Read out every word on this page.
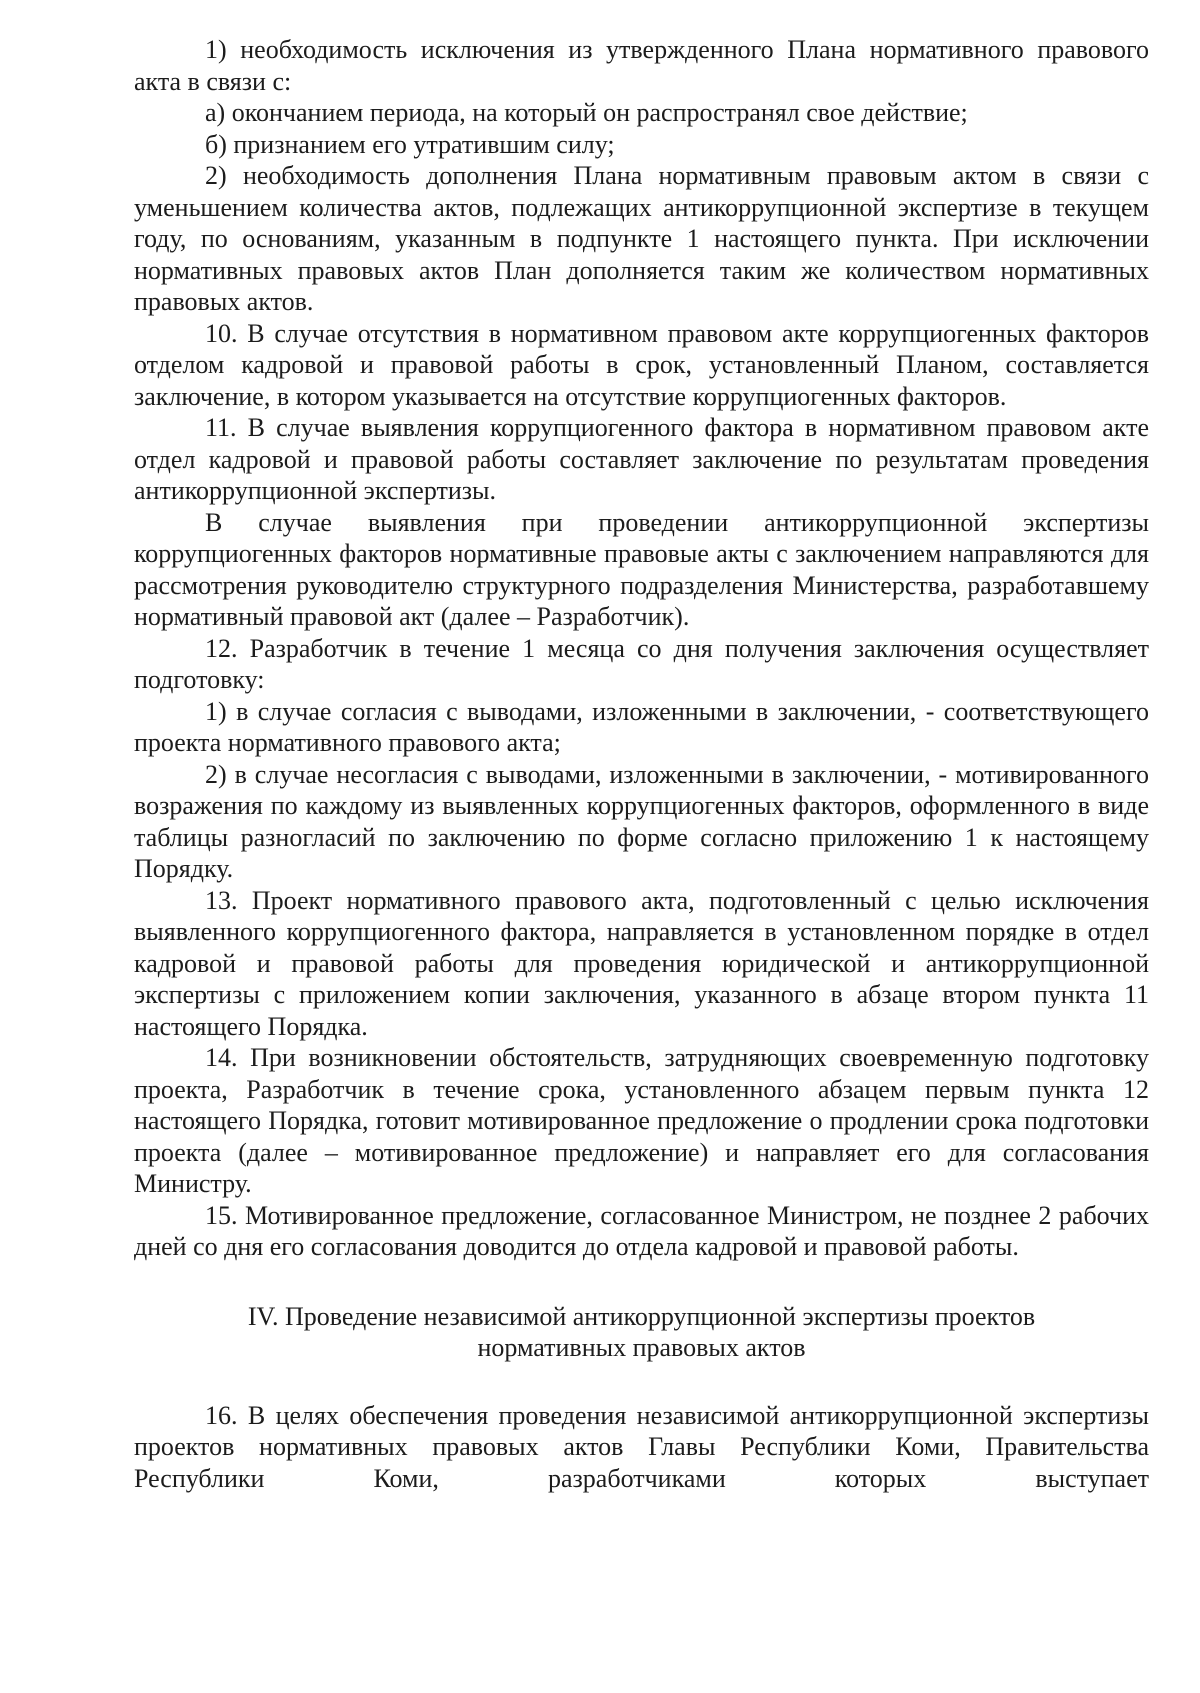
1) необходимость исключения из утвержденного Плана нормативного правового акта в связи с:

а) окончанием периода, на который он распространял свое действие;

б) признанием его утратившим силу;

2) необходимость дополнения Плана нормативным правовым актом в связи с уменьшением количества актов, подлежащих антикоррупционной экспертизе в текущем году, по основаниям, указанным в подпункте 1 настоящего пункта. При исключении нормативных правовых актов План дополняется таким же количеством нормативных правовых актов.

10. В случае отсутствия в нормативном правовом акте коррупциогенных факторов отделом кадровой и правовой работы в срок, установленный Планом, составляется заключение, в котором указывается на отсутствие коррупциогенных факторов.

11. В случае выявления коррупциогенного фактора в нормативном правовом акте отдел кадровой и правовой работы составляет заключение по результатам проведения антикоррупционной экспертизы.

В случае выявления при проведении антикоррупционной экспертизы коррупциогенных факторов нормативные правовые акты с заключением направляются для рассмотрения руководителю структурного подразделения Министерства, разработавшему нормативный правовой акт (далее – Разработчик).

12. Разработчик в течение 1 месяца со дня получения заключения осуществляет подготовку:

1) в случае согласия с выводами, изложенными в заключении, - соответствующего проекта нормативного правового акта;

2) в случае несогласия с выводами, изложенными в заключении, - мотивированного возражения по каждому из выявленных коррупциогенных факторов, оформленного в виде таблицы разногласий по заключению по форме согласно приложению 1 к настоящему Порядку.

13. Проект нормативного правового акта, подготовленный с целью исключения выявленного коррупциогенного фактора, направляется в установленном порядке в отдел кадровой и правовой работы для проведения юридической и антикоррупционной экспертизы с приложением копии заключения, указанного в абзаце втором пункта 11 настоящего Порядка.

14. При возникновении обстоятельств, затрудняющих своевременную подготовку проекта, Разработчик в течение срока, установленного абзацем первым пункта 12 настоящего Порядка, готовит мотивированное предложение о продлении срока подготовки проекта (далее – мотивированное предложение) и направляет его для согласования Министру.

15. Мотивированное предложение, согласованное Министром, не позднее 2 рабочих дней со дня его согласования доводится до отдела кадровой и правовой работы.

IV. Проведение независимой антикоррупционной экспертизы проектов

нормативных правовых актов

16. В целях обеспечения проведения независимой антикоррупционной экспертизы проектов нормативных правовых актов Главы Республики Коми, Правительства Республики Коми, разработчиками которых выступает
